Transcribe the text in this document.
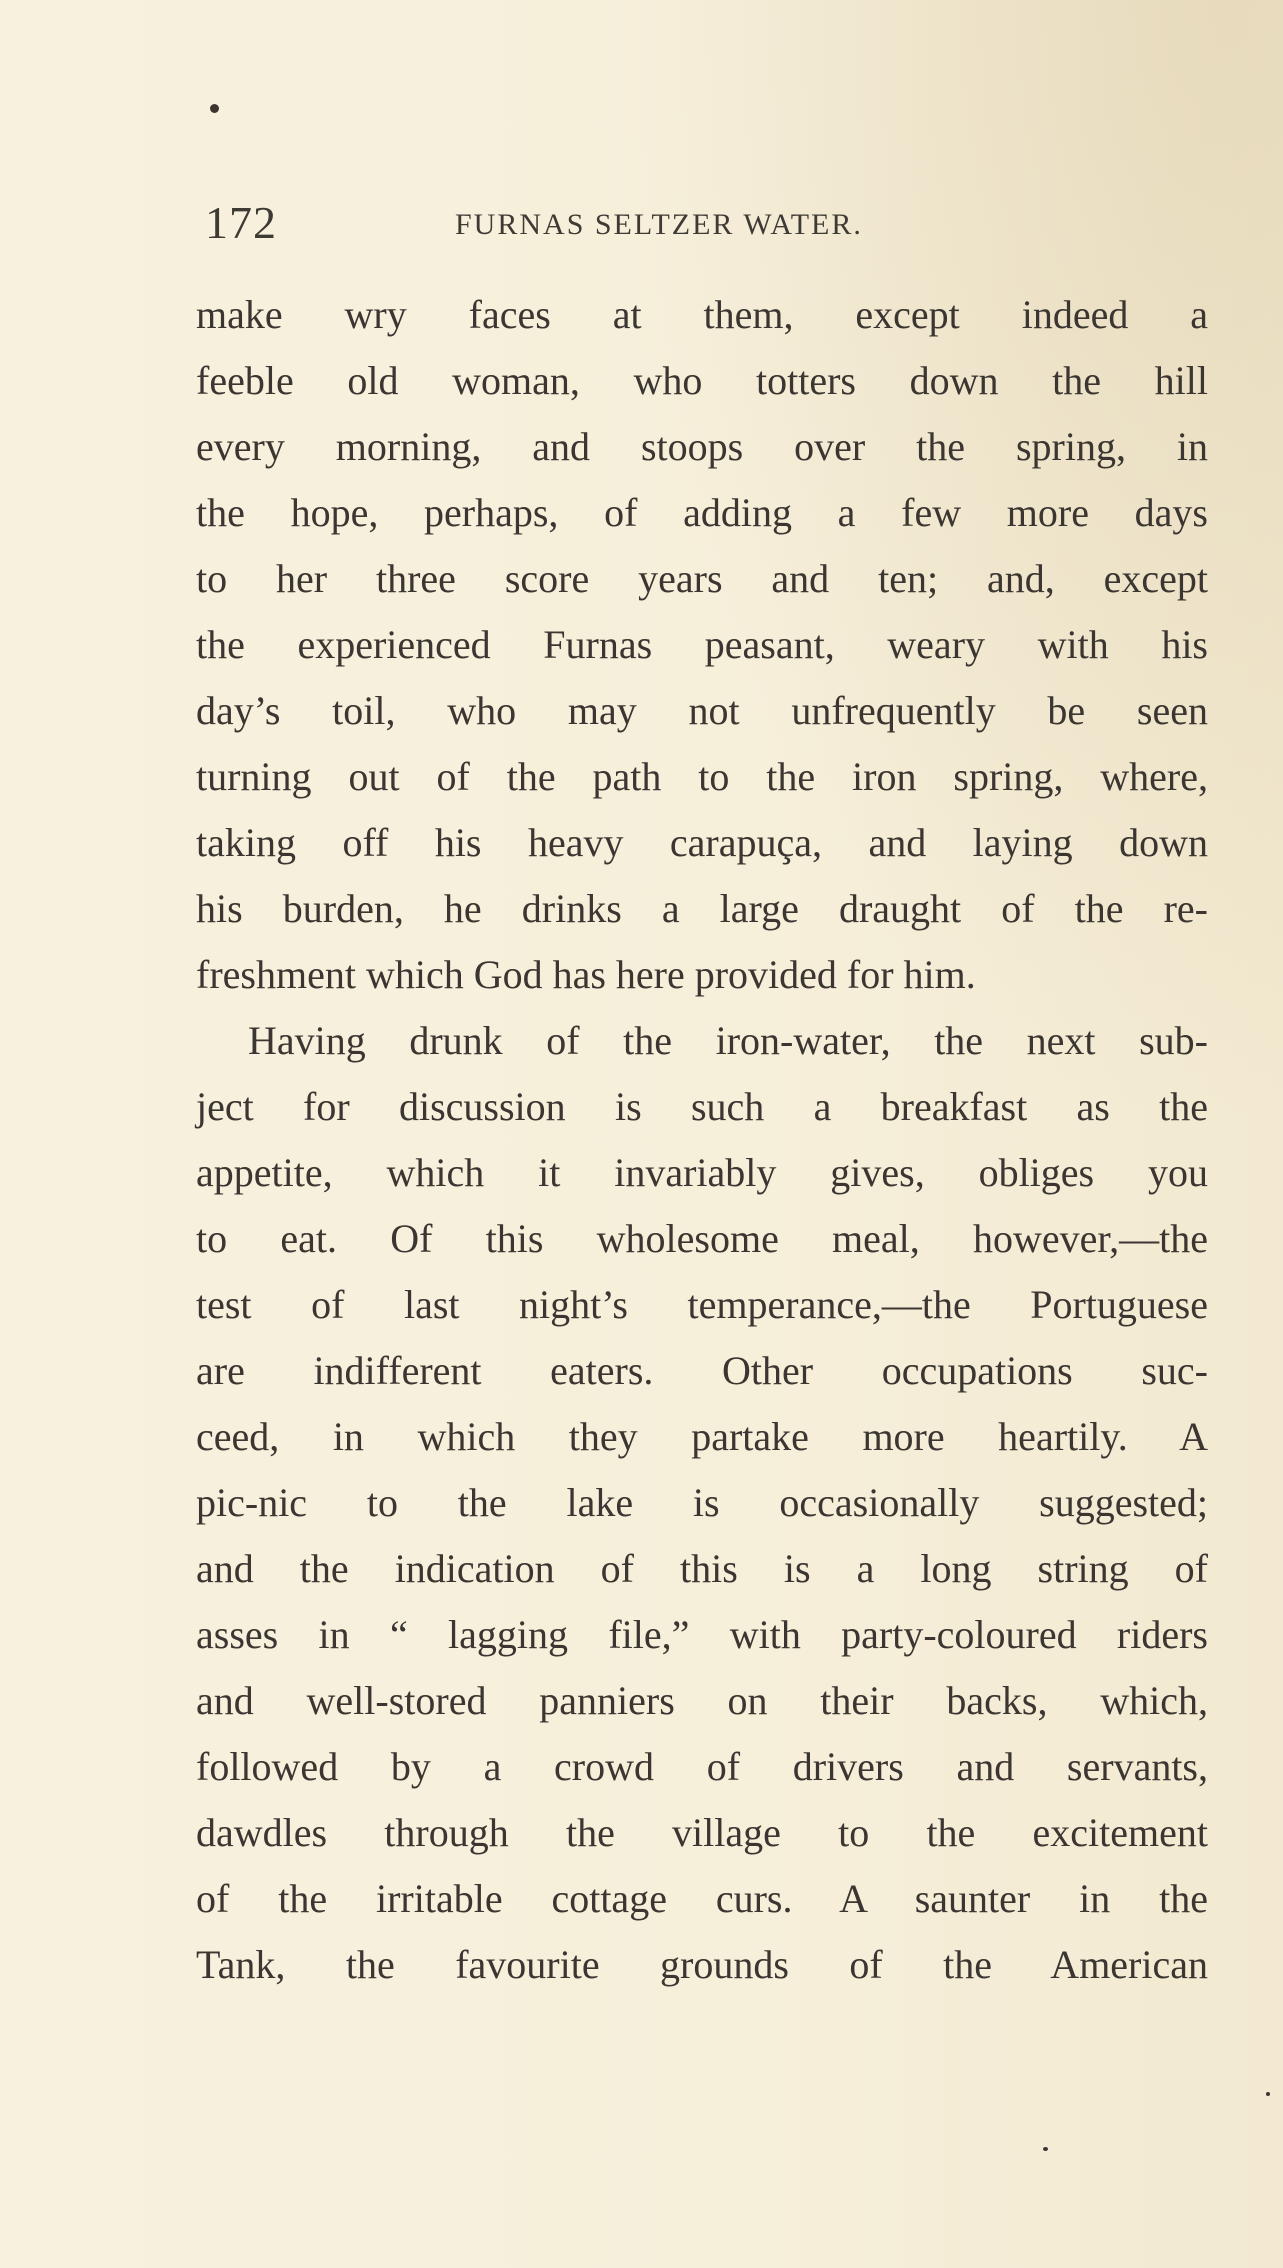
172	FURNAS SELTZER WATER.
make wry faces at them, except indeed a
feeble old woman, who totters down the hill
every morning, and stoops over the spring, in
the hope, perhaps, of adding a few more days
to her three score years and ten; and, except
the experienced Furnas peasant, weary with his
day’s toil, who may not unfrequently be seen
turning out of the path to the iron spring, where,
taking off his heavy carapuça, and laying down
his burden, he drinks a large draught of the re-
freshment which God has here provided for him.
Having drunk of the iron-water, the next sub-
ject for discussion is such a breakfast as the
appetite, which it invariably gives, obliges you
to eat. Of this wholesome meal, however,—the
test of last night’s temperance,—the Portuguese
are indifferent eaters. Other occupations suc-
ceed, in which they partake more heartily. A
pic-nic to the lake is occasionally suggested;
and the indication of this is a long string of
asses in “ lagging file,” with party-coloured riders
and well-stored panniers on their backs, which,
followed by a crowd of drivers and servants,
dawdles through the village to the excitement
of the irritable cottage curs. A saunter in the
Tank, the favourite grounds of the American
